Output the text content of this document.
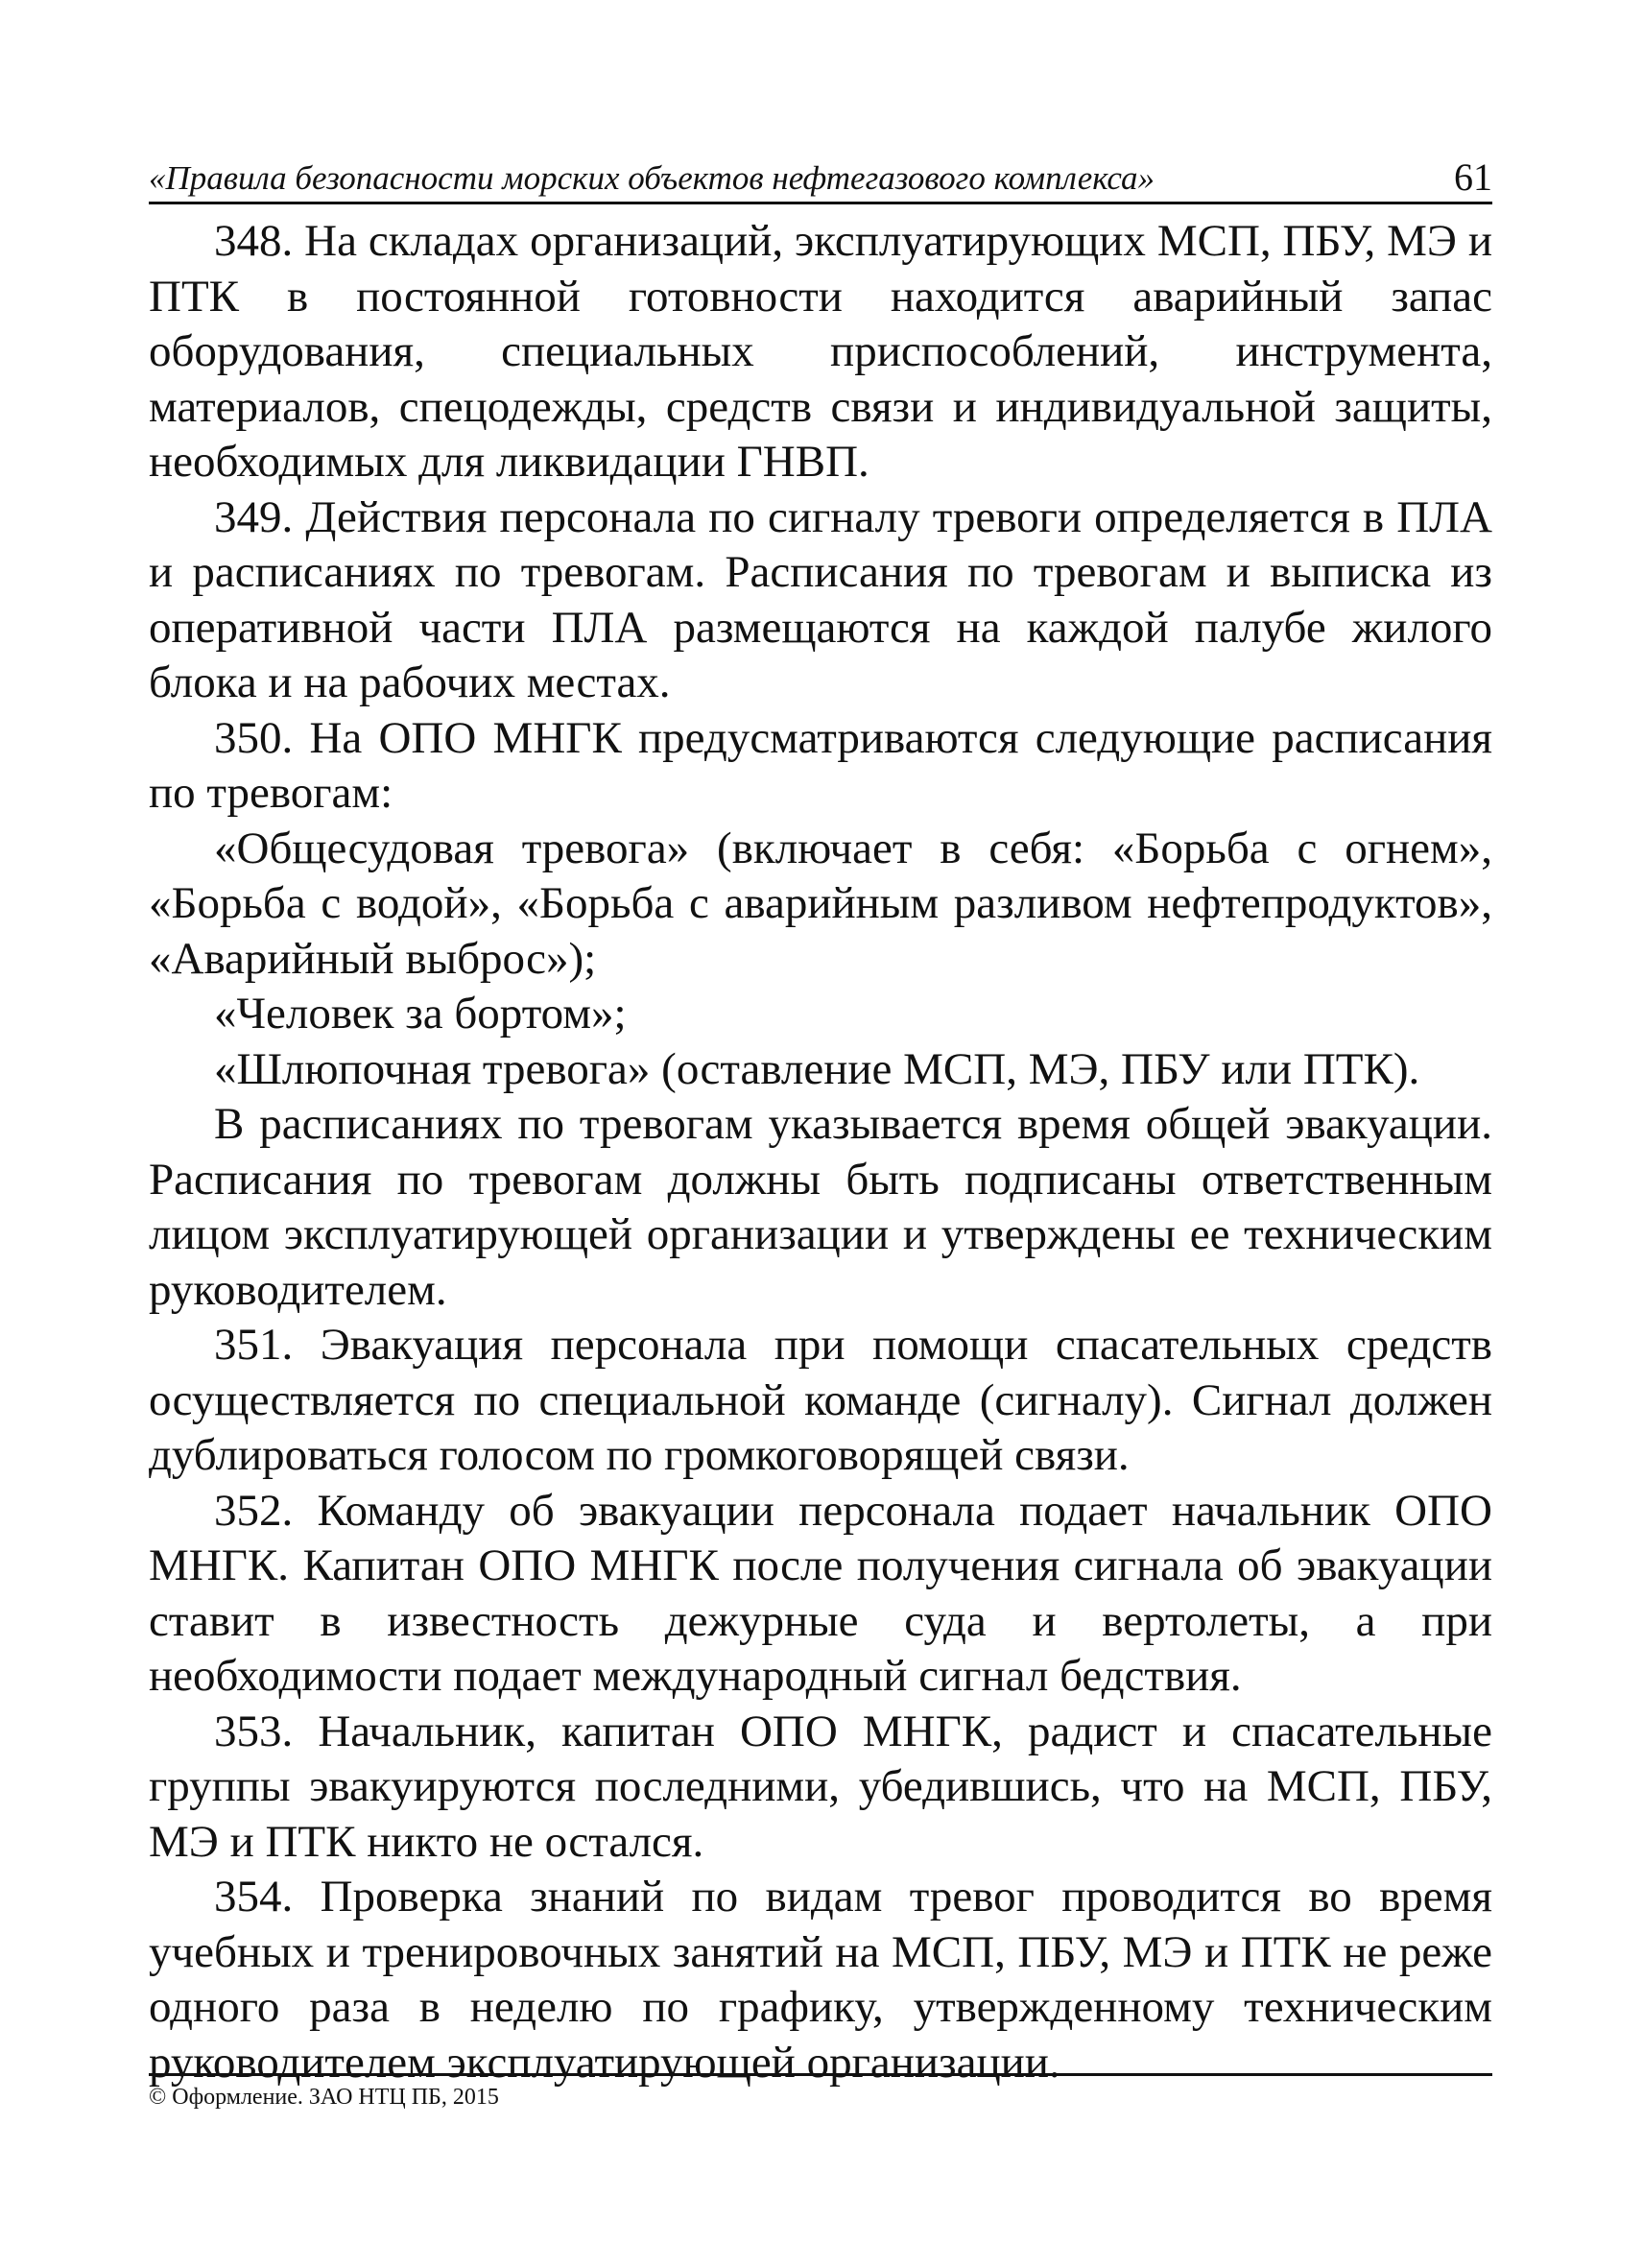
«Правила безопасности морских объектов нефтегазового комплекса»	61

348. На складах организаций, эксплуатирующих МСП, ПБУ, МЭ и ПТК в постоянной готовности находится аварийный запас оборудования, специальных приспособлений, инструмента, материалов, спецодежды, средств связи и индивидуальной защиты, необходимых для ликвидации ГНВП.

349. Действия персонала по сигналу тревоги определяется в ПЛА и расписаниях по тревогам. Расписания по тревогам и выписка из оперативной части ПЛА размещаются на каждой палубе жилого блока и на рабочих местах.

350. На ОПО МНГК предусматриваются следующие расписания по тревогам:

«Общесудовая тревога» (включает в себя: «Борьба с огнем», «Борьба с водой», «Борьба с аварийным разливом нефтепродуктов», «Аварийный выброс»);

«Человек за бортом»;

«Шлюпочная тревога» (оставление МСП, МЭ, ПБУ или ПТК).

В расписаниях по тревогам указывается время общей эвакуации. Расписания по тревогам должны быть подписаны ответственным лицом эксплуатирующей организации и утверждены ее техническим руководителем.

351. Эвакуация персонала при помощи спасательных средств осуществляется по специальной команде (сигналу). Сигнал должен дублироваться голосом по громкоговорящей связи.

352. Команду об эвакуации персонала подает начальник ОПО МНГК. Капитан ОПО МНГК после получения сигнала об эвакуации ставит в известность дежурные суда и вертолеты, а при необходимости подает международный сигнал бедствия.

353. Начальник, капитан ОПО МНГК, радист и спасательные группы эвакуируются последними, убедившись, что на МСП, ПБУ, МЭ и ПТК никто не остался.

354. Проверка знаний по видам тревог проводится во время учебных и тренировочных занятий на МСП, ПБУ, МЭ и ПТК не реже одного раза в неделю по графику, утвержденному техническим руководителем эксплуатирующей организации.

© Оформление. ЗАО НТЦ ПБ, 2015
